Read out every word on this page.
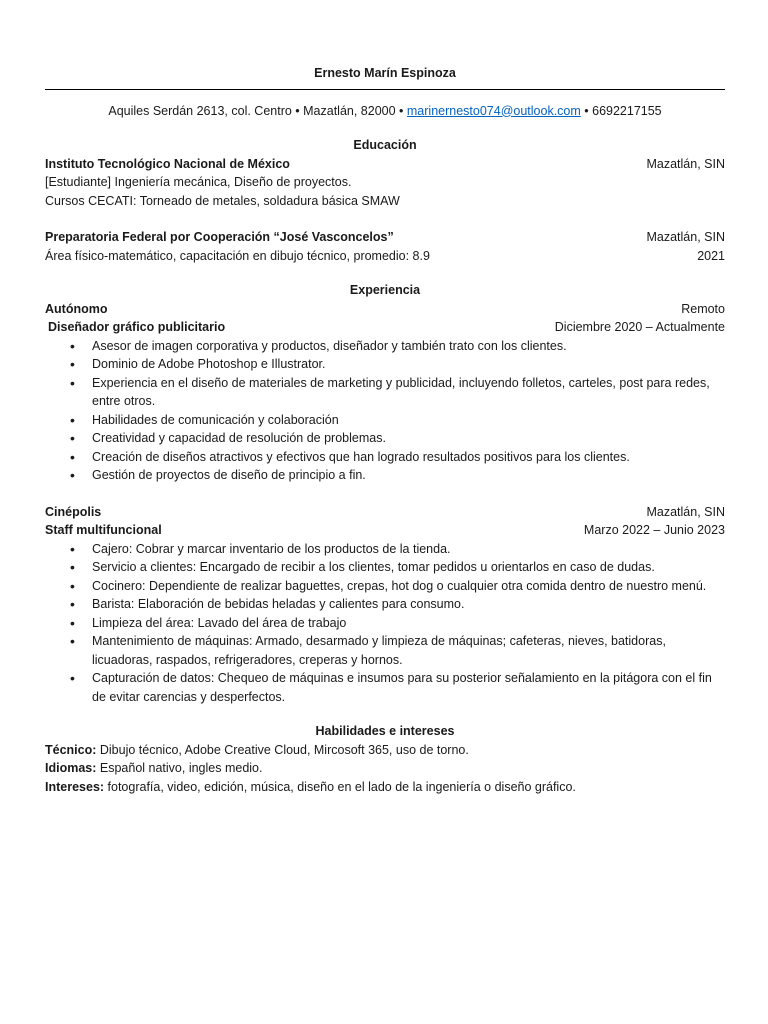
Ernesto Marín Espinoza
Aquiles Serdán 2613, col. Centro • Mazatlán, 82000 • marinernesto074@outlook.com • 6692217155
Educación
Instituto Tecnológico Nacional de México	Mazatlán, SIN
[Estudiante] Ingeniería mecánica, Diseño de proyectos.
Cursos CECATI: Torneado de metales, soldadura básica SMAW
Preparatoria Federal por Cooperación “José Vasconcelos”	Mazatlán, SIN
Área físico-matemático, capacitación en dibujo técnico, promedio: 8.9	2021
Experiencia
Autónomo	Remoto
Diseñador gráfico publicitario	Diciembre 2020 – Actualmente
• Asesor de imagen corporativa y productos, diseñador y también trato con los clientes.
• Dominio de Adobe Photoshop e Illustrator.
• Experiencia en el diseño de materiales de marketing y publicidad, incluyendo folletos, carteles, post para redes, entre otros.
• Habilidades de comunicación y colaboración
• Creatividad y capacidad de resolución de problemas.
• Creación de diseños atractivos y efectivos que han logrado resultados positivos para los clientes.
• Gestión de proyectos de diseño de principio a fin.
Cinépolis	Mazatlán, SIN
Staff multifuncional	Marzo 2022 – Junio 2023
• Cajero: Cobrar y marcar inventario de los productos de la tienda.
• Servicio a clientes: Encargado de recibir a los clientes, tomar pedidos u orientarlos en caso de dudas.
• Cocinero: Dependiente de realizar baguettes, crepas, hot dog o cualquier otra comida dentro de nuestro menú.
• Barista: Elaboración de bebidas heladas y calientes para consumo.
• Limpieza del área: Lavado del área de trabajo
• Mantenimiento de máquinas: Armado, desarmado y limpieza de máquinas; cafeteras, nieves, batidoras, licuadoras, raspados, refrigeradores, creperas y hornos.
• Capturación de datos: Chequeo de máquinas e insumos para su posterior señalamiento en la pitágora con el fin de evitar carencias y desperfectos.
Habilidades e intereses
Técnico: Dibujo técnico, Adobe Creative Cloud, Mircosoft 365, uso de torno.
Idiomas: Español nativo, ingles medio.
Intereses: fotografía, video, edición, música, diseño en el lado de la ingeniería o diseño gráfico.
